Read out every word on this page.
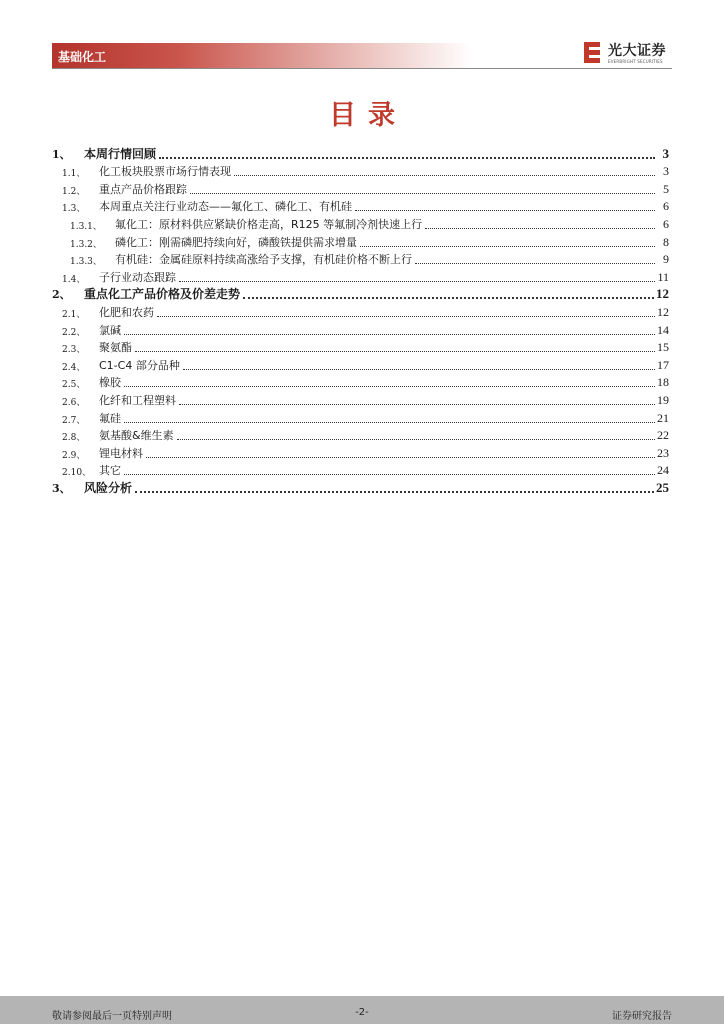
基础化工	光大证券
EVERBRIGHT SECURITIES
目录
1、	本周行情回顾	3
1.1、	化工板块股票市场行情表现	3
1.2、	重点产品价格跟踪	5
1.3、	本周重点关注行业动态——氟化工、磷化工、有机硅	6
1.3.1、	氟化工：原材料供应紧缺价格走高，R125 等氟制冷剂快速上行	6
1.3.2、	磷化工：刚需磷肥持续向好，磷酸铁提供需求增量	8
1.3.3、	有机硅：金属硅原料持续高涨给予支撑，有机硅价格不断上行	9
1.4、	子行业动态跟踪	11
2、	重点化工产品价格及价差走势	12
2.1、	化肥和农药	12
2.2、	氯碱	14
2.3、	聚氨酯	15
2.4、	C1-C4 部分品种	17
2.5、	橡胶	18
2.6、	化纤和工程塑料	19
2.7、	氟硅	21
2.8、	氨基酸&维生素	22
2.9、	锂电材料	23
2.10、 其它	24
3、	风险分析	25
敬请参阅最后一页特别声明	-2-	证券研究报告
